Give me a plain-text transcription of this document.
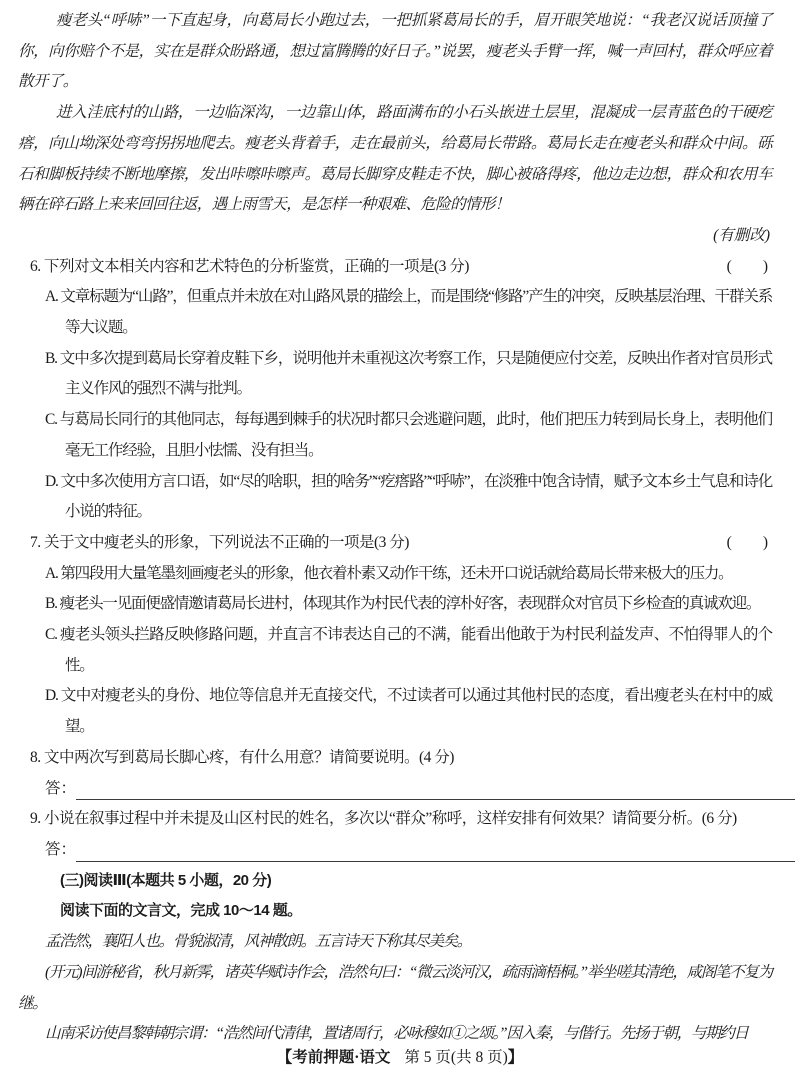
瘦老头“呼哧”一下直起身，向葛局长小跑过去，一把抓紧葛局长的手，眉开眼笑地说：“我老汉说话顶撞了你，向你赔个不是，实在是群众盼路通，想过富腾腾的好日子。”说罢，瘦老头手臂一挥，喊一声回村，群众呼应着散开了。

进入洼底村的山路，一边临深沟，一边靠山体，路面满布的小石头嵌进土层里，混凝成一层青蓝色的干硬疙瘩，向山坳深处弯弯拐拐地爬去。瘦老头背着手，走在最前头，给葛局长带路。葛局长走在瘦老头和群众中间。砾石和脚板持续不断地摩擦，发出咔嚓咔嚓声。葛局长脚穿皮鞋走不快，脚心被硌得疼，他边走边想，群众和农用车辆在碎石路上来来回回往返，遇上雨雪天，是怎样一种艰难、危险的情形！

(有删改)

(　　)
6. 下列对文本相关内容和艺术特色的分析鉴赏，正确的一项是(3 分)

A. 文章标题为“山路”，但重点并未放在对山路风景的描绘上，而是围绕“修路”产生的冲突，反映基层治理、干群关系等大议题。

B. 文中多次提到葛局长穿着皮鞋下乡，说明他并未重视这次考察工作，只是随便应付交差，反映出作者对官员形式主义作风的强烈不满与批判。

C. 与葛局长同行的其他同志，每每遇到棘手的状况时都只会逃避问题，此时，他们把压力转到局长身上，表明他们毫无工作经验，且胆小怯懦、没有担当。

D. 文中多次使用方言口语，如“尽的啥职，担的啥务”“疙瘩路”“呼哧”，在淡雅中饱含诗情，赋予文本乡土气息和诗化小说的特征。

(　　)
7. 关于文中瘦老头的形象，下列说法不正确的一项是(3 分)

A. 第四段用大量笔墨刻画瘦老头的形象，他衣着朴素又动作干练，还未开口说话就给葛局长带来极大的压力。

B. 瘦老头一见面便盛情邀请葛局长进村，体现其作为村民代表的淳朴好客，表现群众对官员下乡检查的真诚欢迎。

C. 瘦老头领头拦路反映修路问题，并直言不讳表达自己的不满，能看出他敢于为村民利益发声、不怕得罪人的个性。

D. 文中对瘦老头的身份、地位等信息并无直接交代，不过读者可以通过其他村民的态度，看出瘦老头在村中的威望。

8. 文中两次写到葛局长脚心疼，有什么用意？请简要说明。(4 分)

答：

9. 小说在叙事过程中并未提及山区村民的姓名，多次以“群众”称呼，这样安排有何效果？请简要分析。(6 分)

答：

(三)阅读Ⅲ(本题共 5 小题，20 分)

阅读下面的文言文，完成 10～14 题。

孟浩然，襄阳人也。骨貌淑清，风神散朗。五言诗天下称其尽美矣。

(开元)间游秘省，秋月新霁，诸英华赋诗作会，浩然句曰：“微云淡河汉，疏雨滴梧桐。”举坐嗟其清绝，咸阁笔不复为继。

山南采访使昌黎韩朝宗谓：“浩然间代清律，置诸周行，必咏穆如①之颂。”因入秦，与偕行。先扬于朝，与期约日

【考前押题·语文 第 5 页(共 8 页)】
